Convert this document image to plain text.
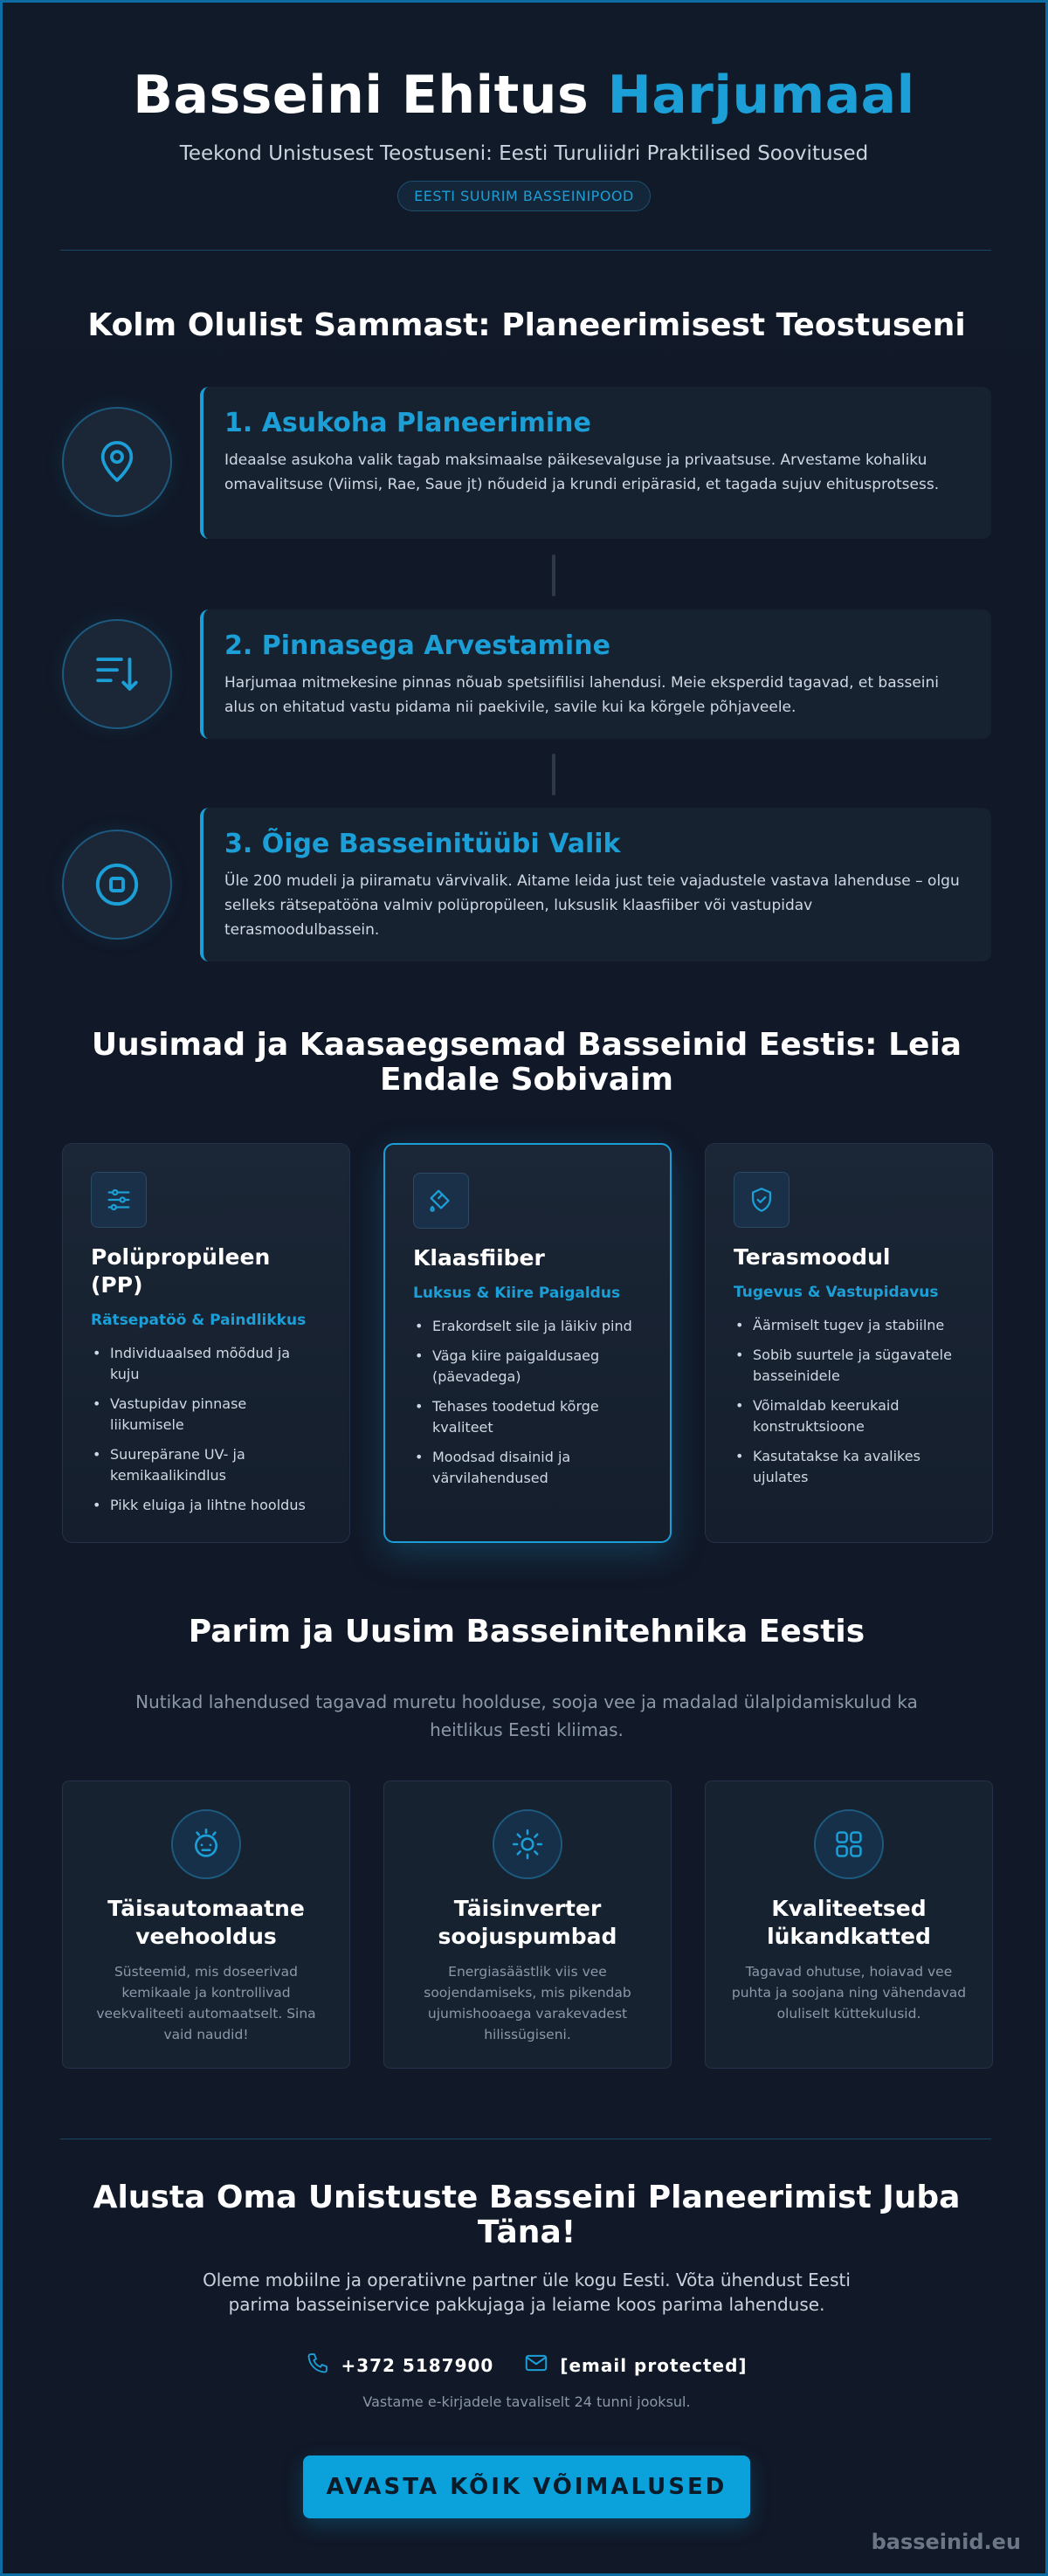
Basseini Ehitus Harjumaal

Teekond Unistusest Teostuseni: Eesti Turuliidri Praktilised Soovitused

EESTI SUURIM BASSEINIPOOD
Kolm Olulist Sammast: Planeerimisest Teostuseni
1. Asukoha Planeerimine

Ideaalse asukoha valik tagab maksimaalse päikesevalguse ja privaatsuse. Arvestame kohaliku omavalitsuse (Viimsi, Rae, Saue jt) nõudeid ja krundi eripärasid, et tagada sujuv ehitusprotsess.

2. Pinnasega Arvestamine

Harjumaa mitmekesine pinnas nõuab spetsiifilisi lahendusi. Meie eksperdid tagavad, et basseini alus on ehitatud vastu pidama nii paekivile, savile kui ka kõrgele põhjaveele.

3. Õige Basseinitüübi Valik

Üle 200 mudeli ja piiramatu värvivalik. Aitame leida just teie vajadustele vastava lahenduse – olgu selleks rätsepatööna valmiv polüpropüleen, luksuslik klaasfiiber või vastupidav terasmoodulbassein.

Uusimad ja Kaasaegsemad Basseinid Eestis: Leia Endale Sobivaim
Polüpropüleen (PP)
Rätsepatöö & Paindlikkus
• Individuaalsed mõõdud ja kuju
• Vastupidav pinnase liikumisele
• Suurepärane UV- ja kemikaalikindlus
• Pikk eluiga ja lihtne hooldus
Klaasfiiber
Luksus & Kiire Paigaldus
• Erakordselt sile ja läikiv pind
• Väga kiire paigaldusaeg (päevadega)
• Tehases toodetud kõrge kvaliteet
• Moodsad disainid ja värvilahendused
Terasmoodul
Tugevus & Vastupidavus
• Äärmiselt tugev ja stabiilne
• Sobib suurtele ja sügavatele basseinidele
• Võimaldab keerukaid konstruktsioone
• Kasutatakse ka avalikes ujulates
Parim ja Uusim Basseinitehnika Eestis

Nutikad lahendused tagavad muretu hoolduse, sooja vee ja madalad ülalpidamiskulud ka heitlikus Eesti kliimas.

Täisautomaatne veehooldus

Süsteemid, mis doseerivad kemikaale ja kontrollivad veekvaliteeti automaatselt. Sina vaid naudid!

Täisinverter soojuspumbad

Energiasäästlik viis vee soojendamiseks, mis pikendab ujumishooaega varakevadest hilissügiseni.

Kvaliteetsed lükandkatted

Tagavad ohutuse, hoiavad vee puhta ja soojana ning vähendavad oluliselt küttekulusid.

Alusta Oma Unistuste Basseini Planeerimist Juba Täna!

Oleme mobiilne ja operatiivne partner üle kogu Eesti. Võta ühendust Eesti parima basseiniservice pakkujaga ja leiame koos parima lahenduse.

+372 5187900	[email protected]

Vastame e-kirjadele tavaliselt 24 tunni jooksul.

AVASTA KÕIK VÕIMALUSED
basseinid.eu
